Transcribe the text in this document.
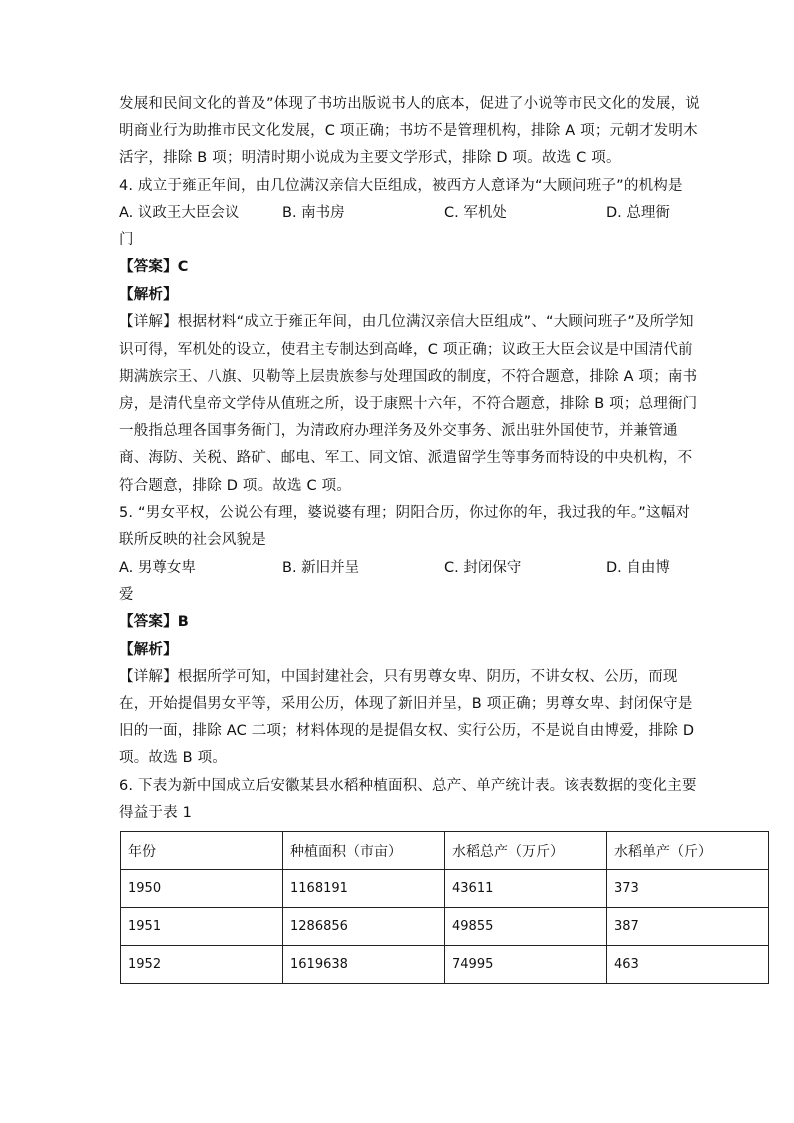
发展和民间文化的普及”体现了书坊出版说书人的底本，促进了小说等市民文化的发展，说
明商业行为助推市民文化发展，C 项正确；书坊不是管理机构，排除 A 项；元朝才发明木
活字，排除 B 项；明清时期小说成为主要文学形式，排除 D 项。故选 C 项。
4. 成立于雍正年间，由几位满汉亲信大臣组成，被西方人意译为“大顾问班子”的机构是
A. 议政王大臣会议	B. 南书房	C. 军机处	D. 总理衙
门
【答案】C
【解析】
【详解】根据材料“成立于雍正年间，由几位满汉亲信大臣组成”、“大顾问班子”及所学知
识可得，军机处的设立，使君主专制达到高峰，C 项正确；议政王大臣会议是中国清代前
期满族宗王、八旗、贝勒等上层贵族参与处理国政的制度，不符合题意，排除 A 项；南书
房，是清代皇帝文学侍从值班之所，设于康熙十六年，不符合题意，排除 B 项；总理衙门
一般指总理各国事务衙门，为清政府办理洋务及外交事务、派出驻外国使节，并兼管通
商、海防、关税、路矿、邮电、军工、同文馆、派遣留学生等事务而特设的中央机构，不
符合题意，排除 D 项。故选 C 项。
5. “男女平权，公说公有理，婆说婆有理；阴阳合历，你过你的年，我过我的年。”这幅对
联所反映的社会风貌是
A. 男尊女卑	B. 新旧并呈	C. 封闭保守	D. 自由博
爱
【答案】B
【解析】
【详解】根据所学可知，中国封建社会，只有男尊女卑、阴历，不讲女权、公历，而现
在，开始提倡男女平等，采用公历，体现了新旧并呈，B 项正确；男尊女卑、封闭保守是
旧的一面，排除 AC 二项；材料体现的是提倡女权、实行公历，不是说自由博爱，排除 D
项。故选 B 项。
6. 下表为新中国成立后安徽某县水稻种植面积、总产、单产统计表。该表数据的变化主要
得益于表 1
年份	种植面积（市亩）	水稻总产（万斤）	水稻单产（斤）
1950	1168191	43611	373
1951	1286856	49855	387
1952	1619638	74995	463
